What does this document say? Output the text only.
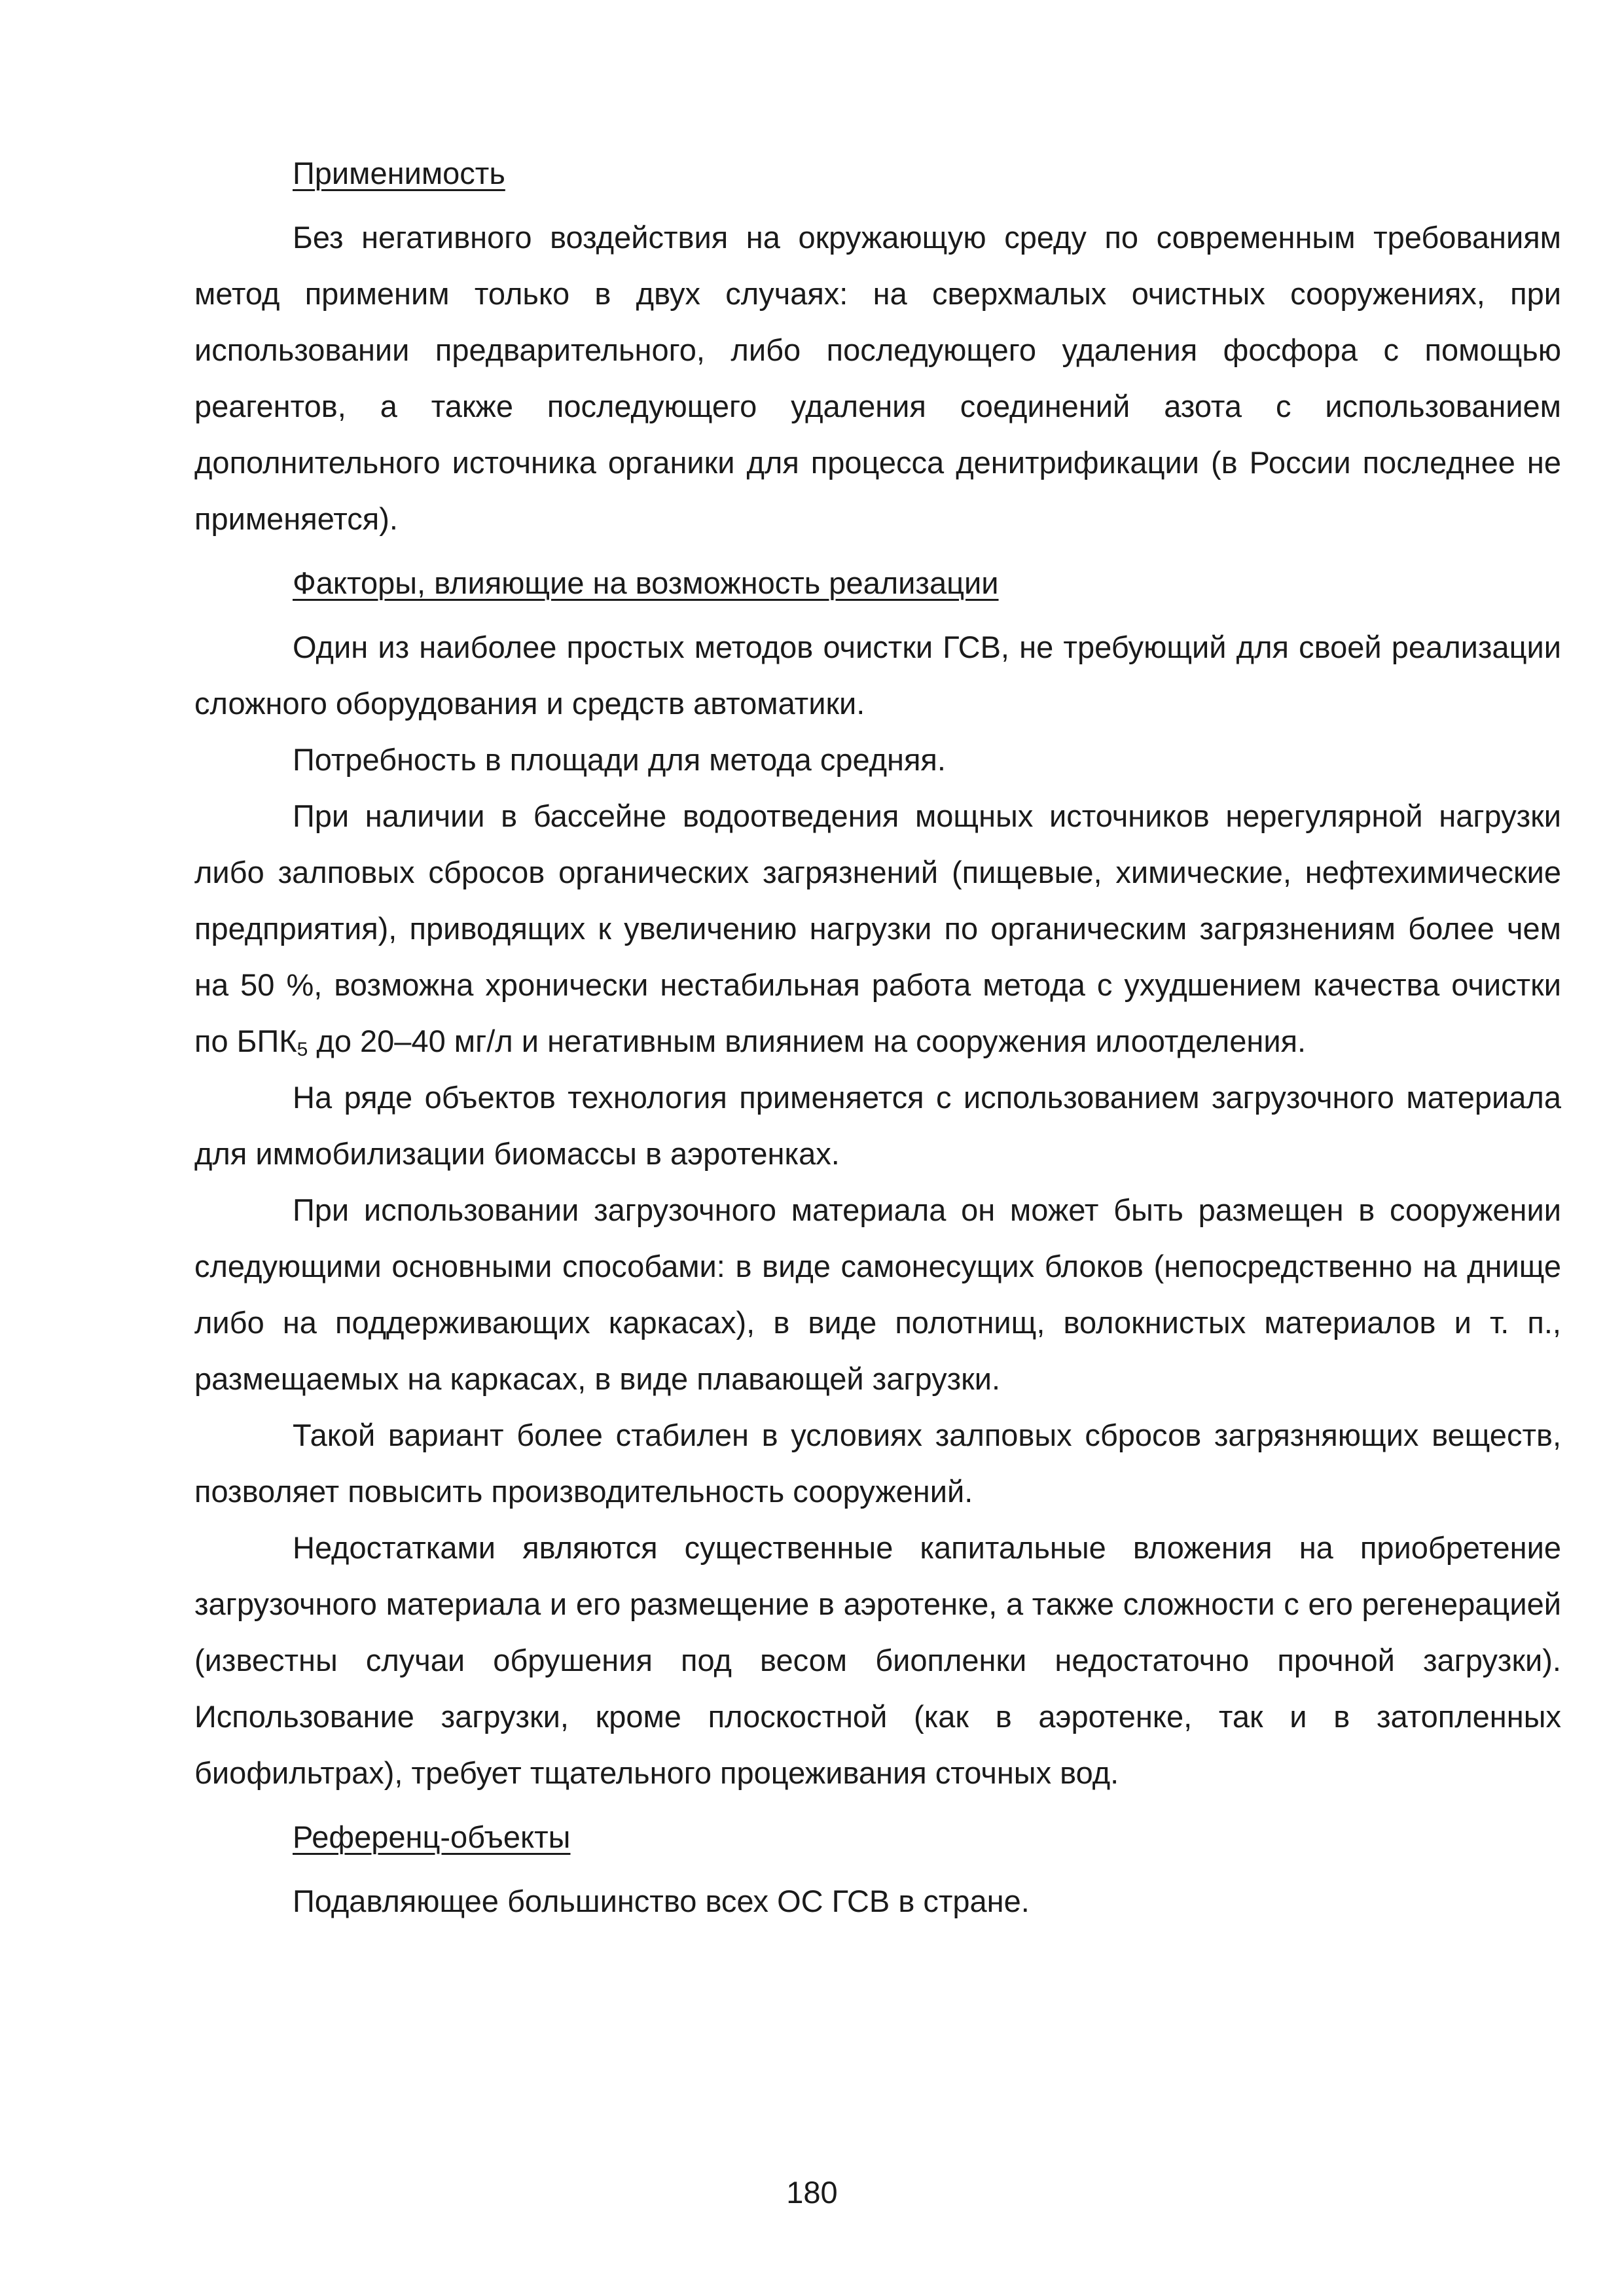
Применимость

Без негативного воздействия на окружающую среду по современным требованиям метод применим только в двух случаях: на сверхмалых очистных сооружениях, при использовании предварительного, либо последующего удаления фосфора с помощью реагентов, а также последующего удаления соединений азота с использованием дополнительного источника органики для процесса денитрификации (в России последнее не применяется).

Факторы, влияющие на возможность реализации

Один из наиболее простых методов очистки ГСВ, не требующий для своей реализации сложного оборудования и средств автоматики.

Потребность в площади для метода средняя.

При наличии в бассейне водоотведения мощных источников нерегулярной нагрузки либо залповых сбросов органических загрязнений (пищевые, химические, нефтехимические предприятия), приводящих к увеличению нагрузки по органическим загрязнениям более чем на 50 %, возможна хронически нестабильная работа метода с ухудшением качества очистки по $БПК_5$ до 20–40 мг/л и негативным влиянием на сооружения илоотделения.

На ряде объектов технология применяется с использованием загрузочного материала для иммобилизации биомассы в аэротенках.

При использовании загрузочного материала он может быть размещен в сооружении следующими основными способами: в виде самонесущих блоков (непосредственно на днище либо на поддерживающих каркасах), в виде полотнищ, волокнистых материалов и т. п., размещаемых на каркасах, в виде плавающей загрузки.

Такой вариант более стабилен в условиях залповых сбросов загрязняющих веществ, позволяет повысить производительность сооружений.

Недостатками являются существенные капитальные вложения на приобретение загрузочного материала и его размещение в аэротенке, а также сложности с его регенерацией (известны случаи обрушения под весом биопленки недостаточно прочной загрузки). Использование загрузки, кроме плоскостной (как в аэротенке, так и в затопленных биофильтрах), требует тщательного процеживания сточных вод.

Референц-объекты

Подавляющее большинство всех ОС ГСВ в стране.

180
